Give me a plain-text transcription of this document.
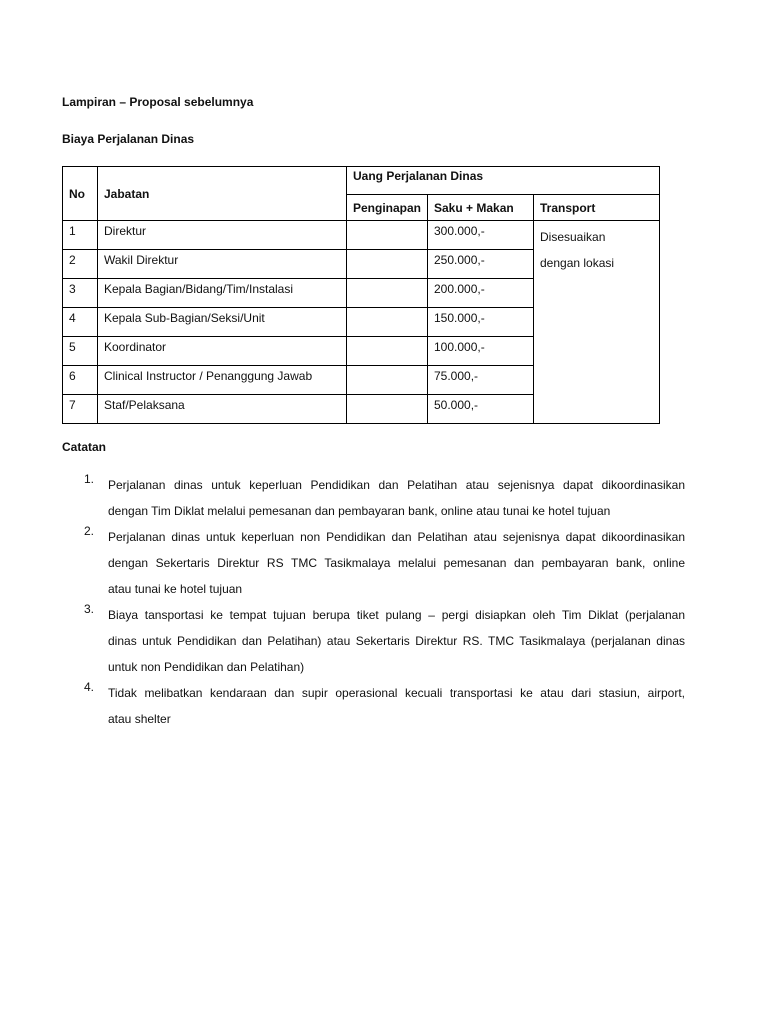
Lampiran – Proposal sebelumnya
Biaya Perjalanan Dinas
No	Jabatan	Uang Perjalanan Dinas		
		Penginapan	Saku + Makan	Transport
1	Direktur		300.000,-	Disesuaikan
dengan lokasi
2	Wakil Direktur		250.000,-	
3	Kepala Bagian/Bidang/Tim/Instalasi		200.000,-	
4	Kepala Sub-Bagian/Seksi/Unit		150.000,-	
5	Koordinator		100.000,-	
6	Clinical Instructor / Penanggung Jawab		75.000,-	
7	Staf/Pelaksana		50.000,-	
Catatan
1. Perjalanan dinas untuk keperluan Pendidikan dan Pelatihan atau sejenisnya dapat dikoordinasikan
dengan Tim Diklat melalui pemesanan dan pembayaran bank, online atau tunai ke hotel tujuan
2. Perjalanan dinas untuk keperluan non Pendidikan dan Pelatihan atau sejenisnya dapat dikoordinasikan
dengan Sekertaris Direktur RS TMC Tasikmalaya melalui pemesanan dan pembayaran bank, online
atau tunai ke hotel tujuan
3. Biaya tansportasi ke tempat tujuan berupa tiket pulang – pergi disiapkan oleh Tim Diklat (perjalanan
dinas untuk Pendidikan dan Pelatihan) atau Sekertaris Direktur RS. TMC Tasikmalaya (perjalanan dinas
untuk non Pendidikan dan Pelatihan)
4. Tidak melibatkan kendaraan dan supir operasional kecuali transportasi ke atau dari stasiun, airport,
atau shelter
